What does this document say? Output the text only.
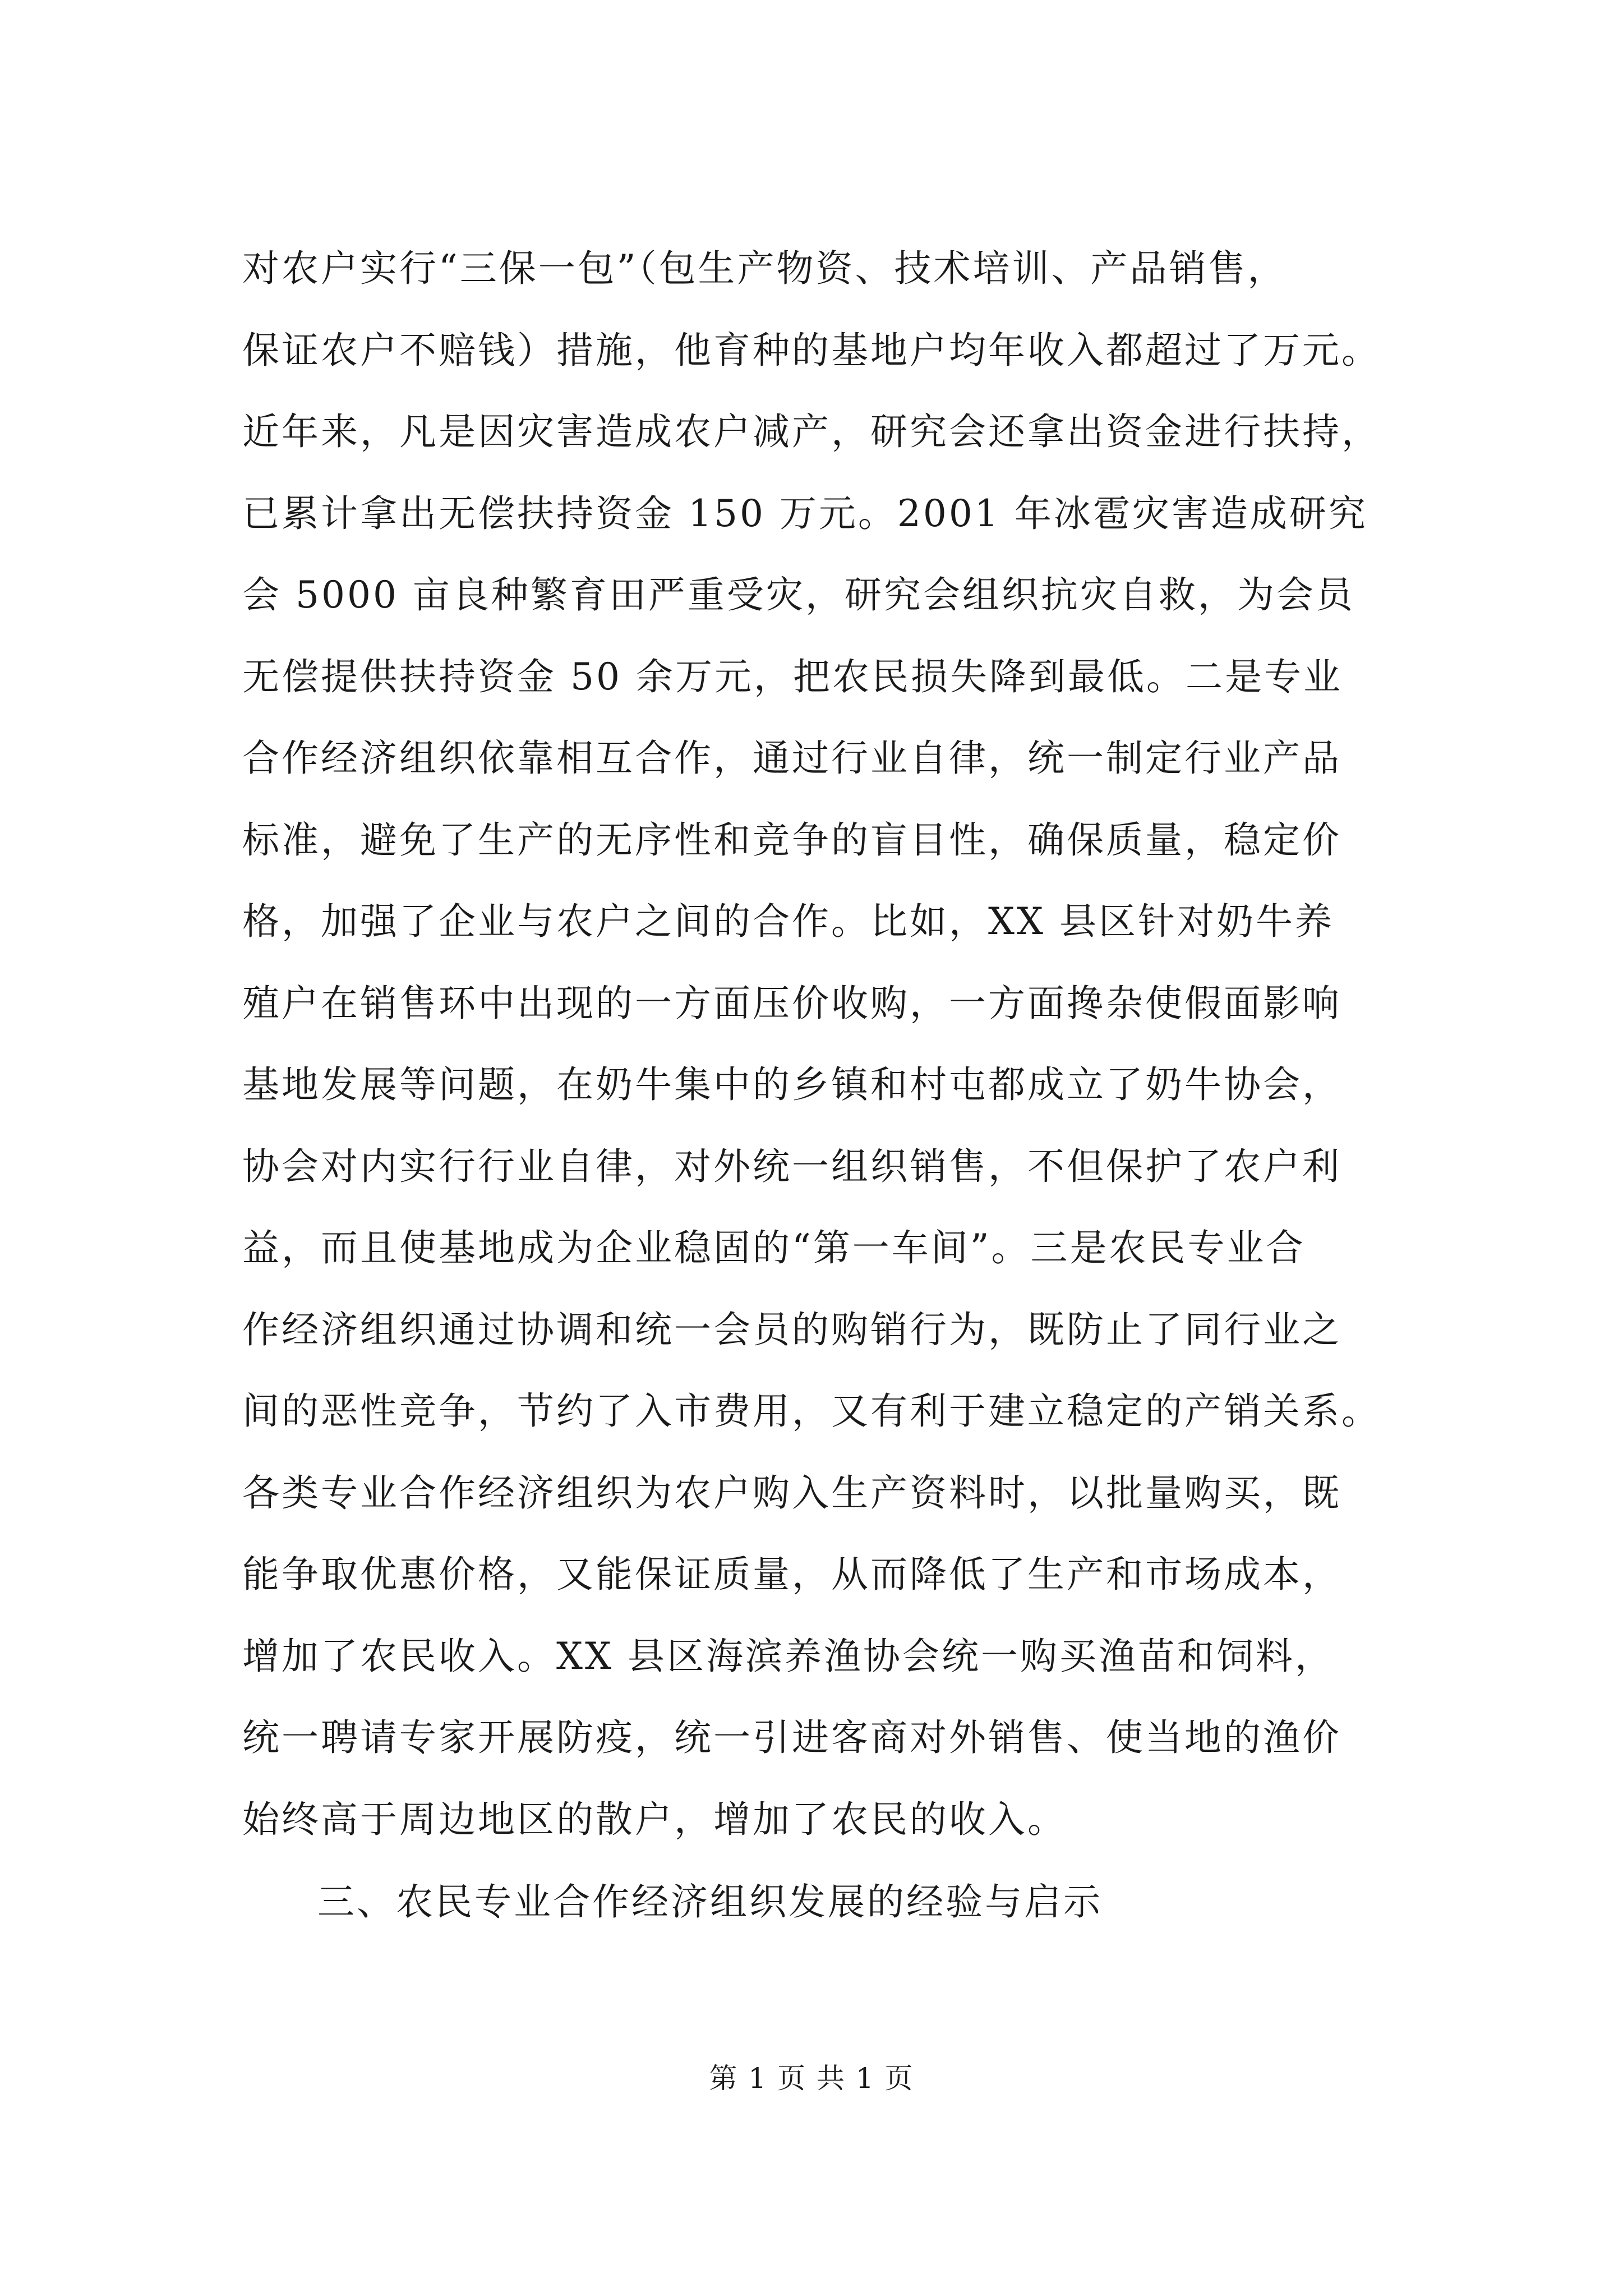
对农户实行“三保一包”（包生产物资、技术培训、产品销售，
保证农户不赔钱）措施，他育种的基地户均年收入都超过了万元。
近年来，凡是因灾害造成农户减产，研究会还拿出资金进行扶持，
已累计拿出无偿扶持资金 150 万元。2001 年冰雹灾害造成研究
会 5000 亩良种繁育田严重受灾，研究会组织抗灾自救，为会员
无偿提供扶持资金 50 余万元，把农民损失降到最低。二是专业
合作经济组织依靠相互合作，通过行业自律，统一制定行业产品
标准，避免了生产的无序性和竞争的盲目性，确保质量，稳定价
格，加强了企业与农户之间的合作。比如，XX 县区针对奶牛养
殖户在销售环中出现的一方面压价收购，一方面搀杂使假面影响
基地发展等问题，在奶牛集中的乡镇和村屯都成立了奶牛协会，
协会对内实行行业自律，对外统一组织销售，不但保护了农户利
益，而且使基地成为企业稳固的“第一车间”。三是农民专业合
作经济组织通过协调和统一会员的购销行为，既防止了同行业之
间的恶性竞争，节约了入市费用，又有利于建立稳定的产销关系。
各类专业合作经济组织为农户购入生产资料时，以批量购买，既
能争取优惠价格，又能保证质量，从而降低了生产和市场成本，
增加了农民收入。XX 县区海滨养渔协会统一购买渔苗和饲料，
统一聘请专家开展防疫，统一引进客商对外销售、使当地的渔价
始终高于周边地区的散户，增加了农民的收入。
三、农民专业合作经济组织发展的经验与启示
第 1 页 共 1 页
